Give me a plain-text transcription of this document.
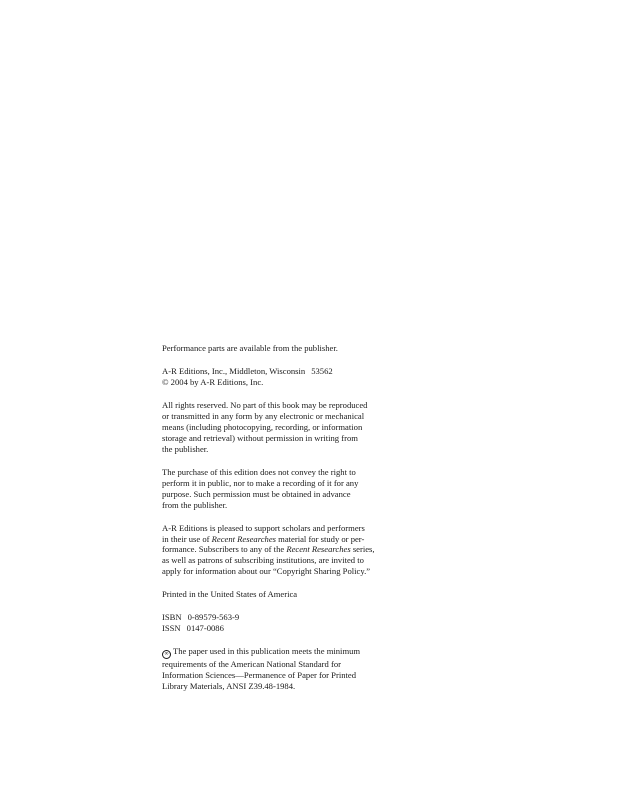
Performance parts are available from the publisher.

A-R Editions, Inc., Middleton, Wisconsin 53562
© 2004 by A-R Editions, Inc.

All rights reserved. No part of this book may be reproduced
or transmitted in any form by any electronic or mechanical
means (including photocopying, recording, or information
storage and retrieval) without permission in writing from
the publisher.

The purchase of this edition does not convey the right to
perform it in public, nor to make a recording of it for any
purpose. Such permission must be obtained in advance
from the publisher.

A-R Editions is pleased to support scholars and performers
in their use of Recent Researches material for study or per-
formance. Subscribers to any of the Recent Researches series,
as well as patrons of subscribing institutions, are invited to
apply for information about our “Copyright Sharing Policy.”

Printed in the United States of America

ISBN 0-89579-563-9
ISSN 0147-0086

∞ The paper used in this publication meets the minimum
requirements of the American National Standard for
Information Sciences—Permanence of Paper for Printed
Library Materials, ANSI Z39.48-1984.
